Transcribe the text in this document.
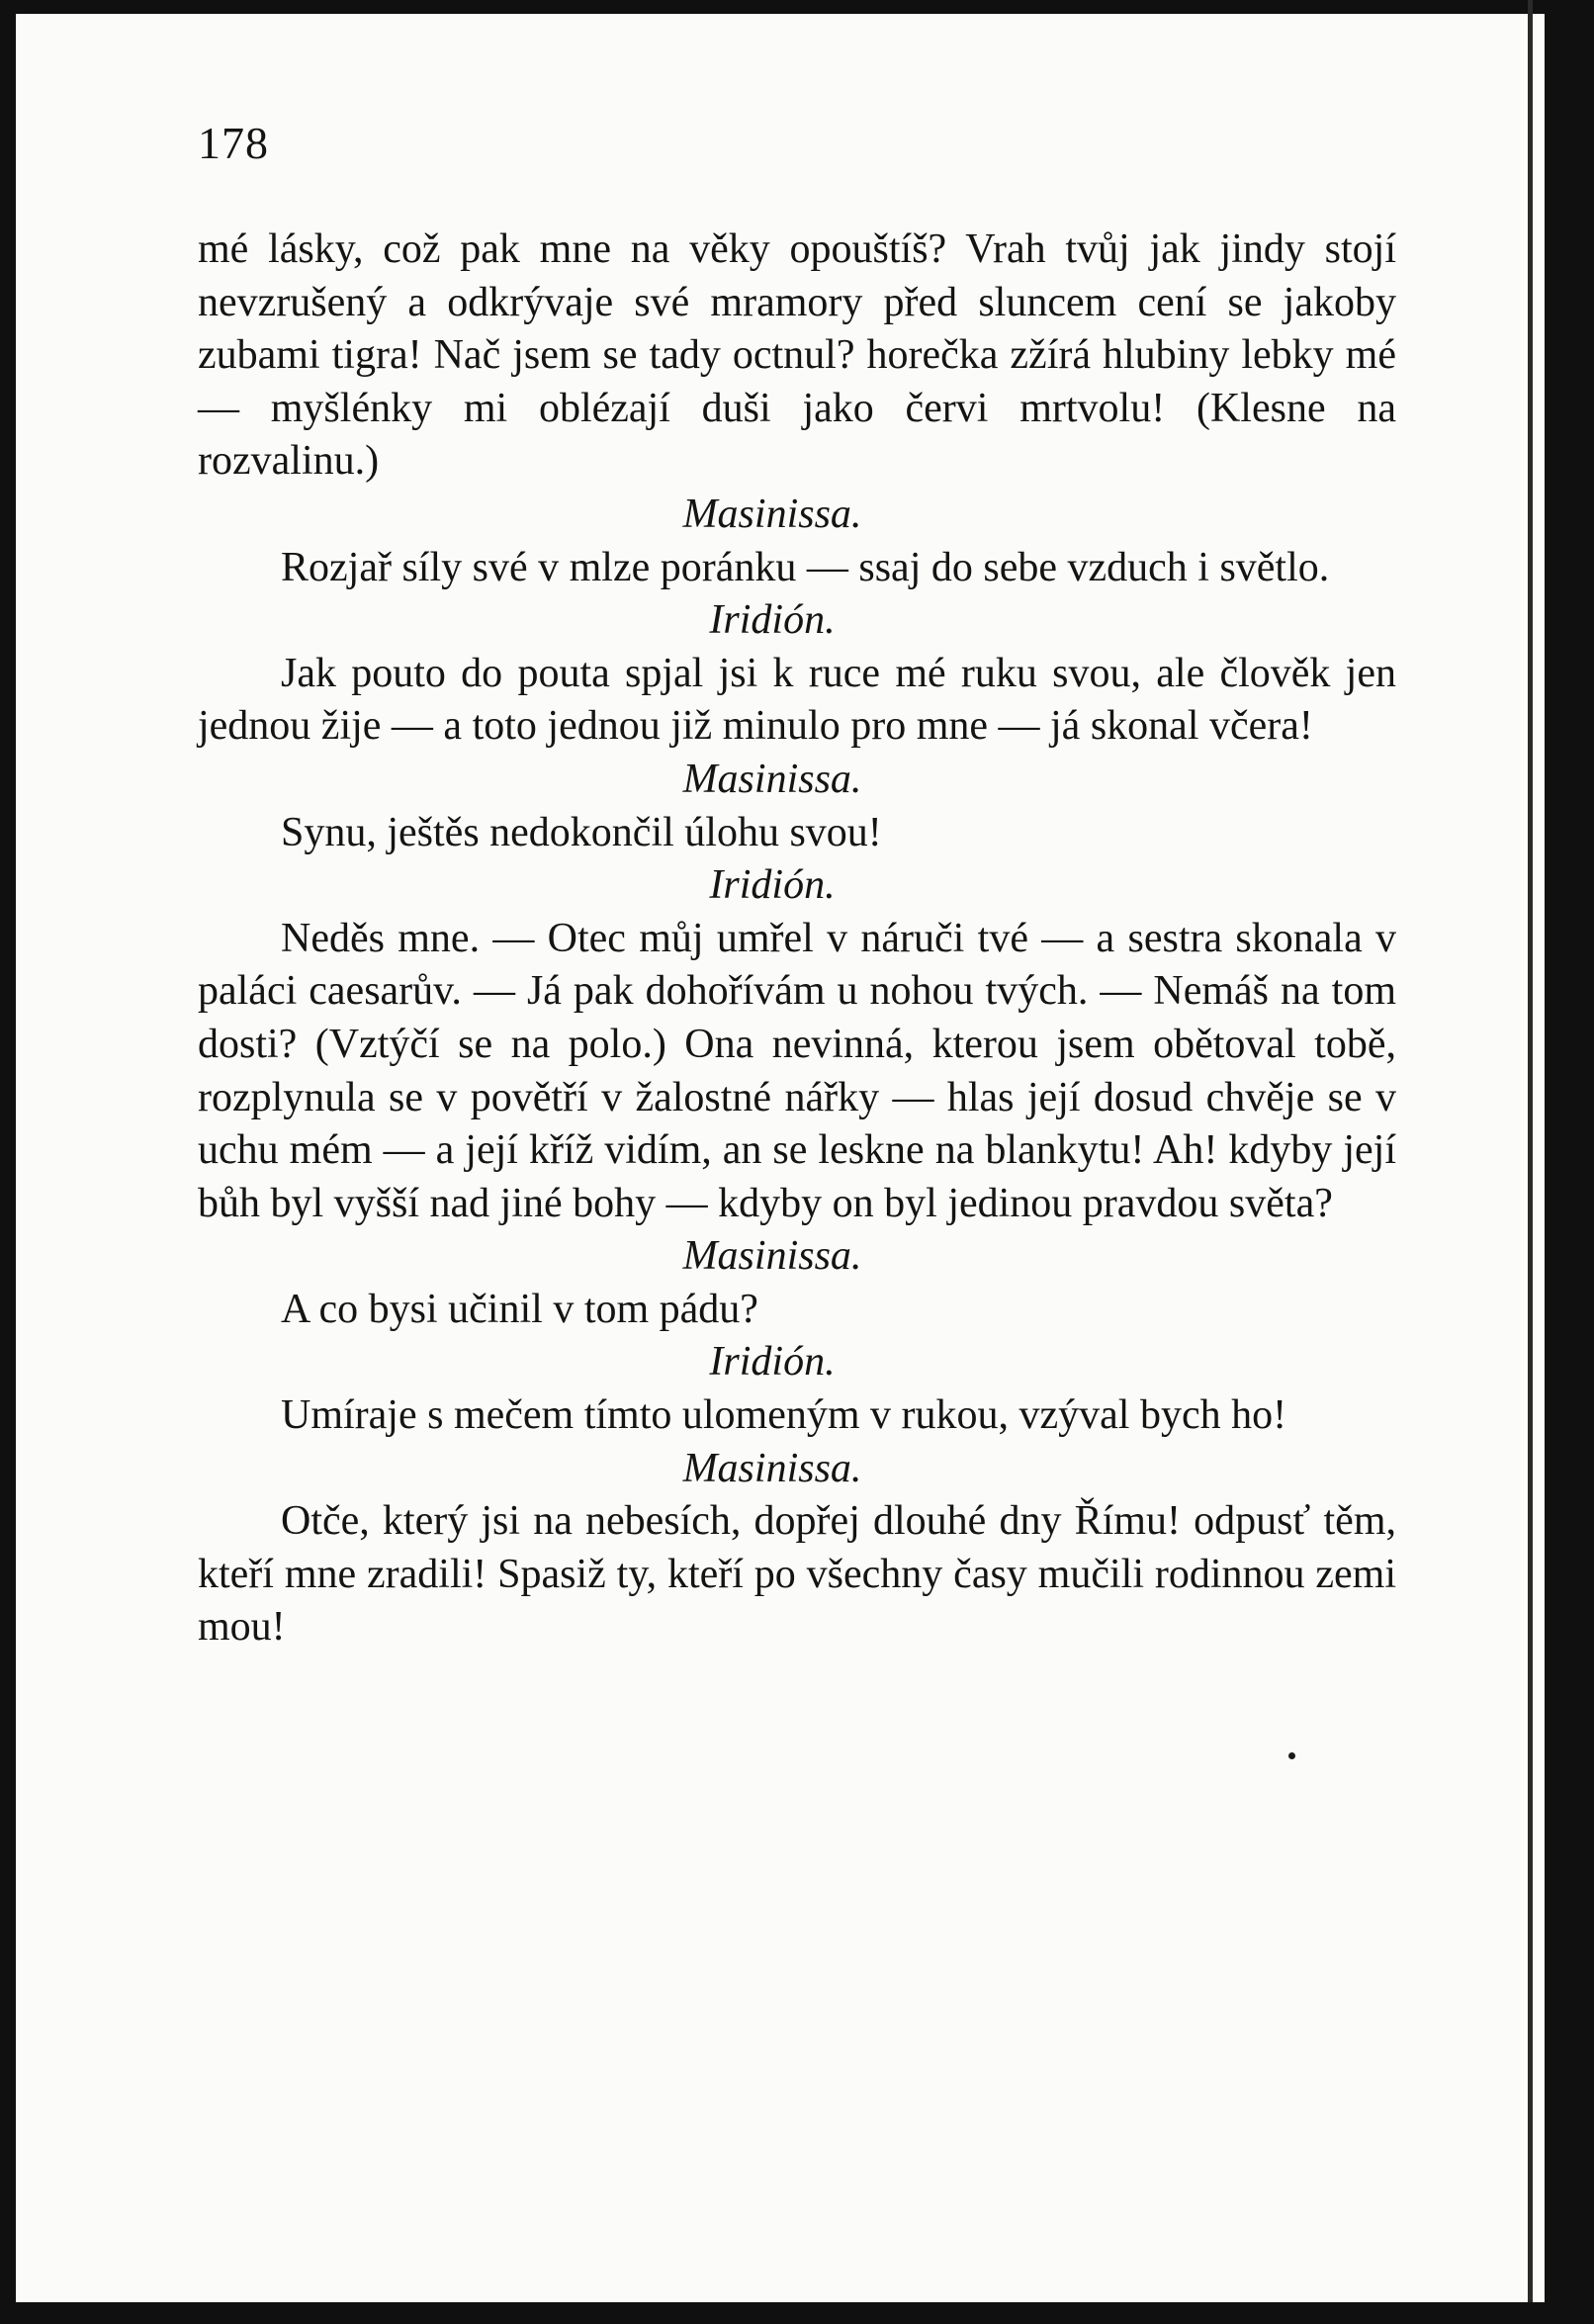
178

mé lásky, což pak mne na věky opouštíš? Vrah tvůj jak jindy stojí nevzrušený a odkrývaje své mramory před sluncem cení se jakoby zubami tigra! Nač jsem se tady octnul? horečka zžírá hlubiny lebky mé — myšlénky mi oblézají duši jako červi mrtvolu! (Klesne na rozvalinu.)

Masinissa.

Rozjař síly své v mlze poránku — ssaj do sebe vzduch i světlo.

Iridión.

Jak pouto do pouta spjal jsi k ruce mé ruku svou, ale člověk jen jednou žije — a toto jednou již minulo pro mne — já skonal včera!

Masinissa.

Synu, ještěs nedokončil úlohu svou!

Iridión.

Neděs mne. — Otec můj umřel v náruči tvé — a sestra skonala v paláci caesarův. — Já pak dohořívám u nohou tvých. — Nemáš na tom dosti? (Vztýčí se na polo.) Ona nevinná, kterou jsem obětoval tobě, rozplynula se v povětří v žalostné nářky — hlas její dosud chvěje se v uchu mém — a její kříž vidím, an se leskne na blankytu! Ah! kdyby její bůh byl vyšší nad jiné bohy — kdyby on byl jedinou pravdou světa?

Masinissa.

A co bysi učinil v tom pádu?

Iridión.

Umíraje s mečem tímto ulomeným v rukou, vzýval bych ho!

Masinissa.

Otče, který jsi na nebesích, dopřej dlouhé dny Římu! odpusť těm, kteří mne zradili! Spasiž ty, kteří po všechny časy mučili rodinnou zemi mou!
